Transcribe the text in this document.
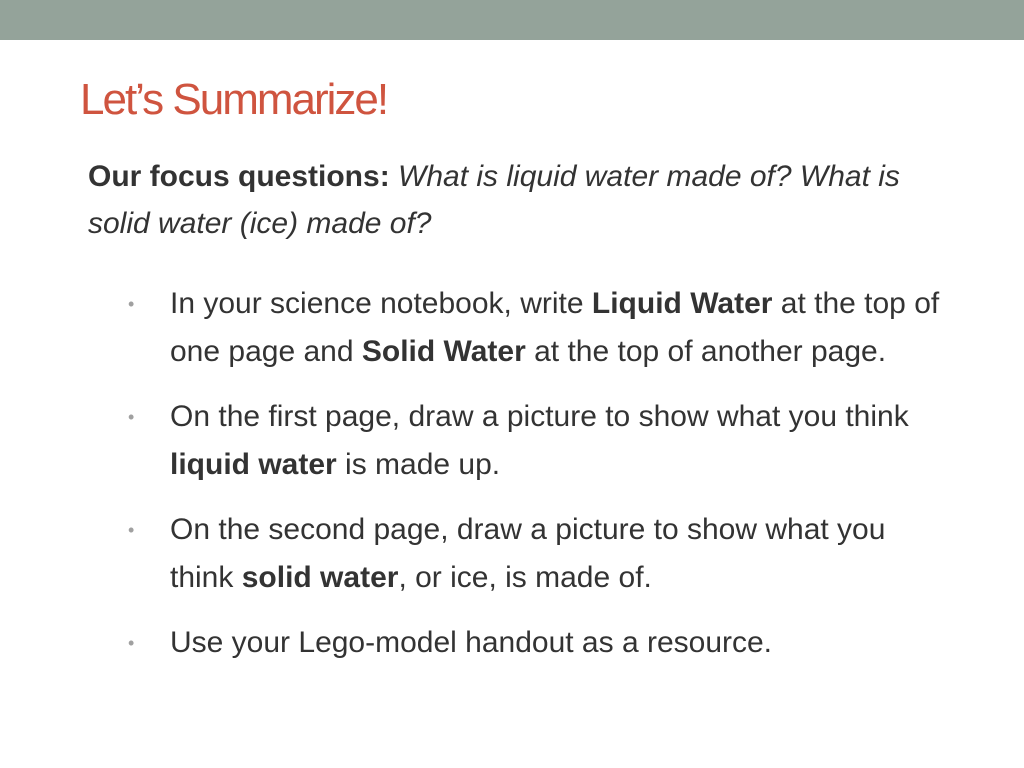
Let’s Summarize!

Our focus questions: What is liquid water made of? What is solid water (ice) made of?

•	In your science notebook, write Liquid Water at the top of one page and Solid Water at the top of another page.
•	On the first page, draw a picture to show what you think liquid water is made up.
•	On the second page, draw a picture to show what you think solid water, or ice, is made of.
•	Use your Lego-model handout as a resource.
